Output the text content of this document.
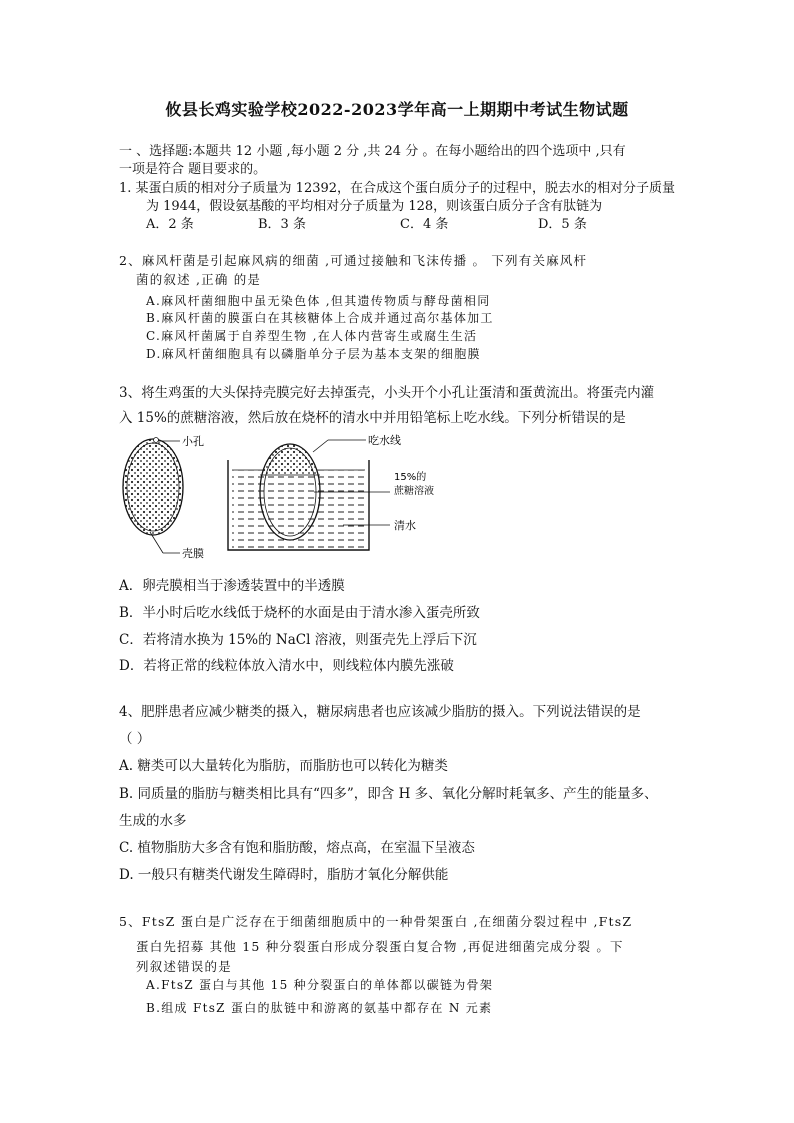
攸县长鸡实验学校2022-2023学年高一上期期中考试生物试题
一 、选择题:本题共 12 小题 ,每小题 2 分 ,共 24 分 。在每小题给出的四个选项中 ,只有
一项是符合 题目要求的。
1. 某蛋白质的相对分子质量为 12392，在合成这个蛋白质分子的过程中，脱去水的相对分子质量
为 1944，假设氨基酸的平均相对分子质量为 128，则该蛋白质分子含有肽链为
A．2 条	B．3 条	C．4 条	D．5 条
2、麻风杆菌是引起麻风病的细菌 ,可通过接触和飞沫传播 。 下列有关麻风杆
菌的叙述 ,正确 的是
A.麻风杆菌细胞中虽无染色体 ,但其遗传物质与酵母菌相同
B.麻风杆菌的膜蛋白在其核糖体上合成并通过高尔基体加工
C.麻风杆菌属于自养型生物 ,在人体内营寄生或腐生生活
D.麻风杆菌细胞具有以磷脂单分子层为基本支架的细胞膜
3、将生鸡蛋的大头保持壳膜完好去掉蛋壳，小头开个小孔让蛋清和蛋黄流出。将蛋壳内灌
入 15%的蔗糖溶液，然后放在烧杯的清水中并用铅笔标上吃水线。下列分析错误的是
小孔
壳膜
吃水线
15%的
蔗糖溶液
清水
A．卵壳膜相当于渗透装置中的半透膜
B．半小时后吃水线低于烧杯的水面是由于清水渗入蛋壳所致
C．若将清水换为 15%的 NaCl 溶液，则蛋壳先上浮后下沉
D．若将正常的线粒体放入清水中，则线粒体内膜先涨破
4、肥胖患者应减少糖类的摄入，糖尿病患者也应该减少脂肪的摄入。下列说法错误的是
（ ）
A. 糖类可以大量转化为脂肪，而脂肪也可以转化为糖类
B. 同质量的脂肪与糖类相比具有“四多”，即含 H 多、氧化分解时耗氧多、产生的能量多、
生成的水多
C. 植物脂肪大多含有饱和脂肪酸，熔点高，在室温下呈液态
D. 一般只有糖类代谢发生障碍时，脂肪才氧化分解供能
5、FtsZ 蛋白是广泛存在于细菌细胞质中的一种骨架蛋白 ,在细菌分裂过程中 ,FtsZ
蛋白先招募 其他 15 种分裂蛋白形成分裂蛋白复合物 ,再促进细菌完成分裂 。下
列叙述错误的是
A.FtsZ 蛋白与其他 15 种分裂蛋白的单体都以碳链为骨架
B.组成 FtsZ 蛋白的肽链中和游离的氨基中都存在 N 元素
